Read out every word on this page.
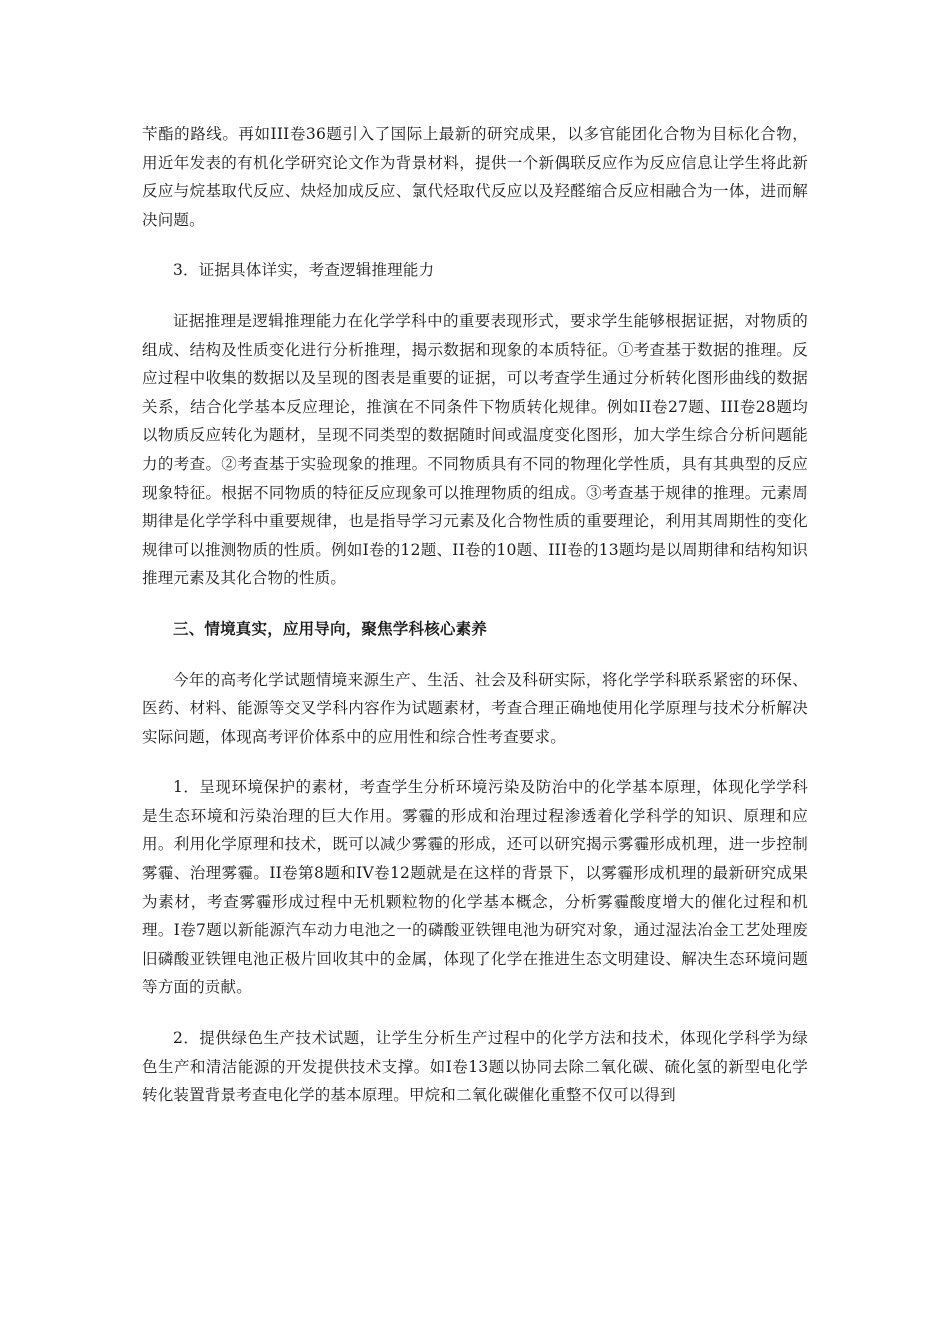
苄酯的路线。再如III卷36题引入了国际上最新的研究成果，以多官能团化合物为目标化合物，用近年发表的有机化学研究论文作为背景材料，提供一个新偶联反应作为反应信息让学生将此新反应与烷基取代反应、炔烃加成反应、氯代烃取代反应以及羟醛缩合反应相融合为一体，进而解决问题。

3．证据具体详实，考查逻辑推理能力

证据推理是逻辑推理能力在化学学科中的重要表现形式，要求学生能够根据证据，对物质的组成、结构及性质变化进行分析推理，揭示数据和现象的本质特征。①考查基于数据的推理。反应过程中收集的数据以及呈现的图表是重要的证据，可以考查学生通过分析转化图形曲线的数据关系，结合化学基本反应理论，推演在不同条件下物质转化规律。例如II卷27题、III卷28题均以物质反应转化为题材，呈现不同类型的数据随时间或温度变化图形，加大学生综合分析问题能力的考查。②考查基于实验现象的推理。不同物质具有不同的物理化学性质，具有其典型的反应现象特征。根据不同物质的特征反应现象可以推理物质的组成。③考查基于规律的推理。元素周期律是化学学科中重要规律，也是指导学习元素及化合物性质的重要理论，利用其周期性的变化规律可以推测物质的性质。例如I卷的12题、II卷的10题、III卷的13题均是以周期律和结构知识推理元素及其化合物的性质。

三、情境真实，应用导向，聚焦学科核心素养

今年的高考化学试题情境来源生产、生活、社会及科研实际，将化学学科联系紧密的环保、医药、材料、能源等交叉学科内容作为试题素材，考查合理正确地使用化学原理与技术分析解决实际问题，体现高考评价体系中的应用性和综合性考查要求。

1．呈现环境保护的素材，考查学生分析环境污染及防治中的化学基本原理，体现化学学科是生态环境和污染治理的巨大作用。雾霾的形成和治理过程渗透着化学科学的知识、原理和应用。利用化学原理和技术，既可以减少雾霾的形成，还可以研究揭示雾霾形成机理，进一步控制雾霾、治理雾霾。II卷第8题和IV卷12题就是在这样的背景下，以雾霾形成机理的最新研究成果为素材，考查雾霾形成过程中无机颗粒物的化学基本概念，分析雾霾酸度增大的催化过程和机理。I卷7题以新能源汽车动力电池之一的磷酸亚铁锂电池为研究对象，通过湿法冶金工艺处理废旧磷酸亚铁锂电池正极片回收其中的金属，体现了化学在推进生态文明建设、解决生态环境问题等方面的贡献。

2．提供绿色生产技术试题，让学生分析生产过程中的化学方法和技术，体现化学科学为绿色生产和清洁能源的开发提供技术支撑。如I卷13题以协同去除二氧化碳、硫化氢的新型电化学转化装置背景考查电化学的基本原理。甲烷和二氧化碳催化重整不仅可以得到
